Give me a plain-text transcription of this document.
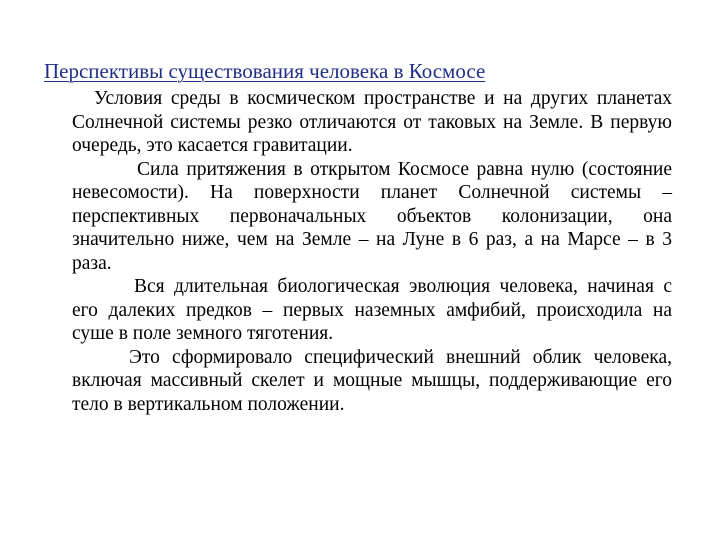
Перспективы существования человека в Космосе

Условия среды в космическом пространстве и на других планетах Солнечной системы резко отличаются от таковых на Земле. В первую очередь, это касается гравитации.

Сила притяжения в открытом Космосе равна нулю (состояние невесомости). На поверхности планет Солнечной системы – перспективных первоначальных объектов колонизации, она значительно ниже, чем на Земле – на Луне в 6 раз, а на Марсе – в 3 раза.

Вся длительная биологическая эволюция человека, начиная с его далеких предков – первых наземных амфибий, происходила на суше в поле земного тяготения.

Это сформировало специфический внешний облик человека, включая массивный скелет и мощные мышцы, поддерживающие его тело в вертикальном положении.
